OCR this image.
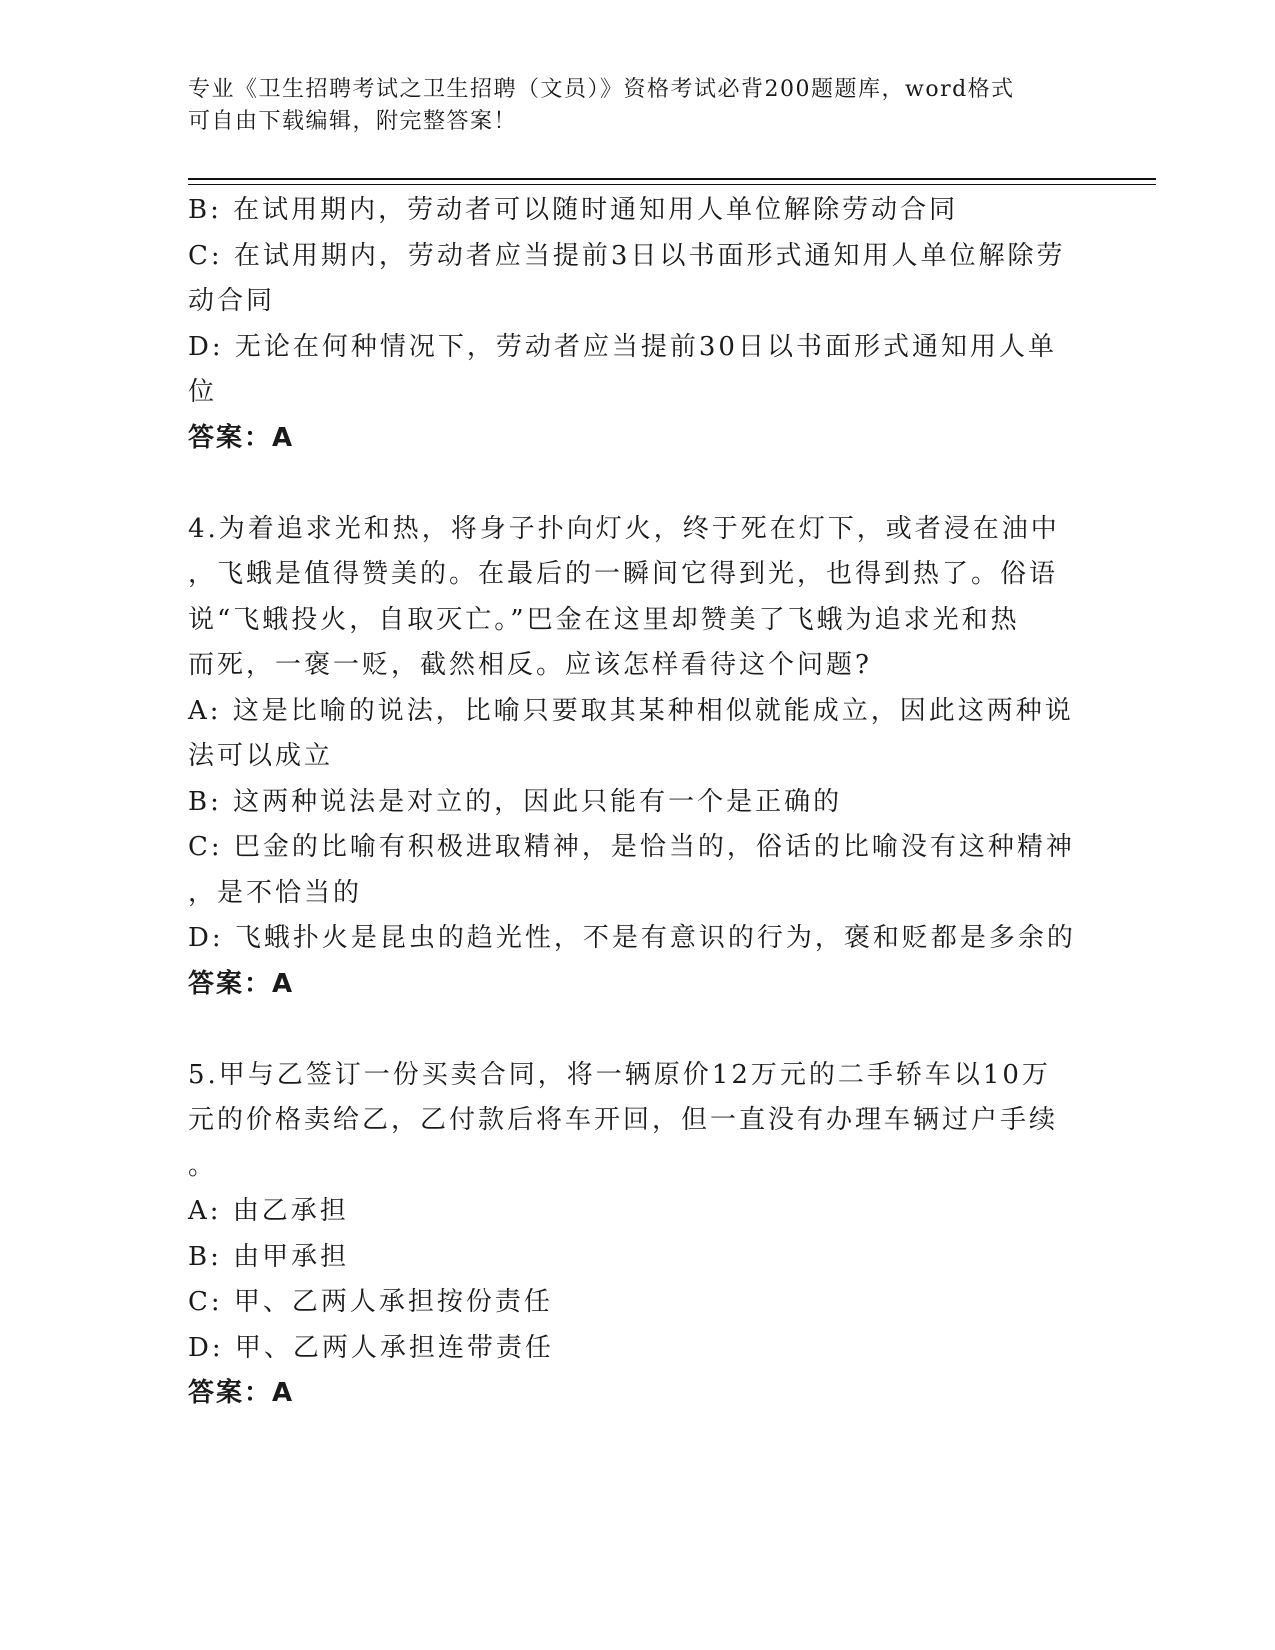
专业《卫生招聘考试之卫生招聘（文员）》资格考试必背200题题库，word格式
可自由下载编辑，附完整答案！
B: 在试用期内，劳动者可以随时通知用人单位解除劳动合同
C: 在试用期内，劳动者应当提前3日以书面形式通知用人单位解除劳
动合同
D: 无论在何种情况下，劳动者应当提前30日以书面形式通知用人单
位
答案：A
4.为着追求光和热，将身子扑向灯火，终于死在灯下，或者浸在油中
，飞蛾是值得赞美的。在最后的一瞬间它得到光，也得到热了。俗语
说“飞蛾投火，自取灭亡。”巴金在这里却赞美了飞蛾为追求光和热
而死，一褒一贬，截然相反。应该怎样看待这个问题?
A: 这是比喻的说法，比喻只要取其某种相似就能成立，因此这两种说
法可以成立
B: 这两种说法是对立的，因此只能有一个是正确的
C: 巴金的比喻有积极进取精神，是恰当的，俗话的比喻没有这种精神
，是不恰当的
D: 飞蛾扑火是昆虫的趋光性，不是有意识的行为，褒和贬都是多余的
答案：A
5.甲与乙签订一份买卖合同，将一辆原价12万元的二手轿车以10万
元的价格卖给乙，乙付款后将车开回，但一直没有办理车辆过户手续
。
A: 由乙承担
B: 由甲承担
C: 甲、乙两人承担按份责任
D: 甲、乙两人承担连带责任
答案：A
